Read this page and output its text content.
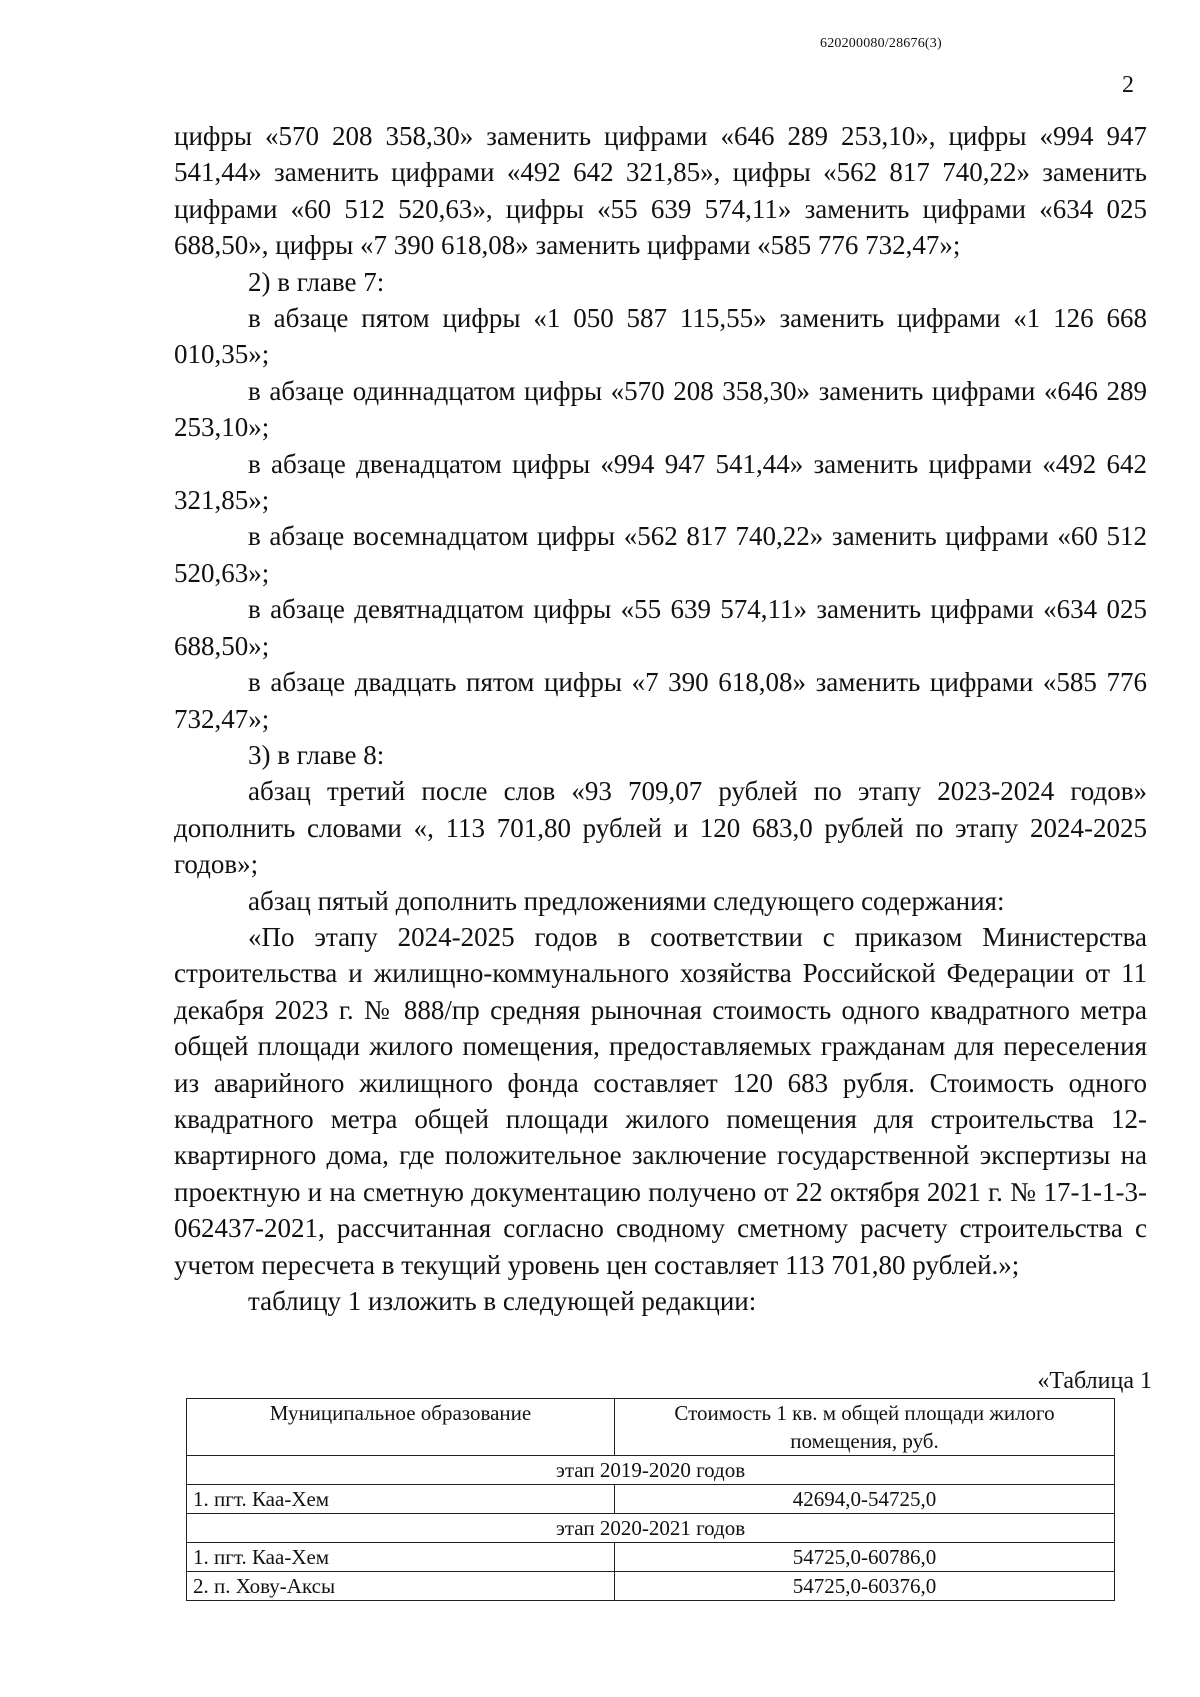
620200080/28676(3)
2

цифры «570 208 358,30» заменить цифрами «646 289 253,10», цифры «994 947 541,44» заменить цифрами «492 642 321,85», цифры «562 817 740,22» заменить цифрами «60 512 520,63», цифры «55 639 574,11» заменить цифрами «634 025 688,50», цифры «7 390 618,08» заменить цифрами «585 776 732,47»;

2) в главе 7:

в абзаце пятом цифры «1 050 587 115,55» заменить цифрами «1 126 668 010,35»;

в абзаце одиннадцатом цифры «570 208 358,30» заменить цифрами «646 289 253,10»;

в абзаце двенадцатом цифры «994 947 541,44» заменить цифрами «492 642 321,85»;

в абзаце восемнадцатом цифры «562 817 740,22» заменить цифрами «60 512 520,63»;

в абзаце девятнадцатом цифры «55 639 574,11» заменить цифрами «634 025 688,50»;

в абзаце двадцать пятом цифры «7 390 618,08» заменить цифрами «585 776 732,47»;

3) в главе 8:

абзац третий после слов «93 709,07 рублей по этапу 2023-2024 годов» дополнить словами «, 113 701,80 рублей и 120 683,0 рублей по этапу 2024-2025 годов»;

абзац пятый дополнить предложениями следующего содержания:

«По этапу 2024-2025 годов в соответствии с приказом Министерства строительства и жилищно-коммунального хозяйства Российской Федерации от 11 декабря 2023 г. № 888/пр средняя рыночная стоимость одного квадратного метра общей площади жилого помещения, предоставляемых гражданам для переселения из аварийного жилищного фонда составляет 120 683 рубля. Стоимость одного квадратного метра общей площади жилого помещения для строительства 12-квартирного дома, где положительное заключение государственной экспертизы на проектную и на сметную документацию получено от 22 октября 2021 г. № 17-1-1-3-062437-2021, рассчитанная согласно сводному сметному расчету строительства с учетом пересчета в текущий уровень цен составляет 113 701,80 рублей.»;

таблицу 1 изложить в следующей редакции:

«Таблица 1
Муниципальное образование	Стоимость 1 кв. м общей площади жилого помещения, руб.
этап 2019-2020 годов	
1. пгт. Каа-Хем	42694,0-54725,0
этап 2020-2021 годов	
1. пгт. Каа-Хем	54725,0-60786,0
2. п. Хову-Аксы	54725,0-60376,0
